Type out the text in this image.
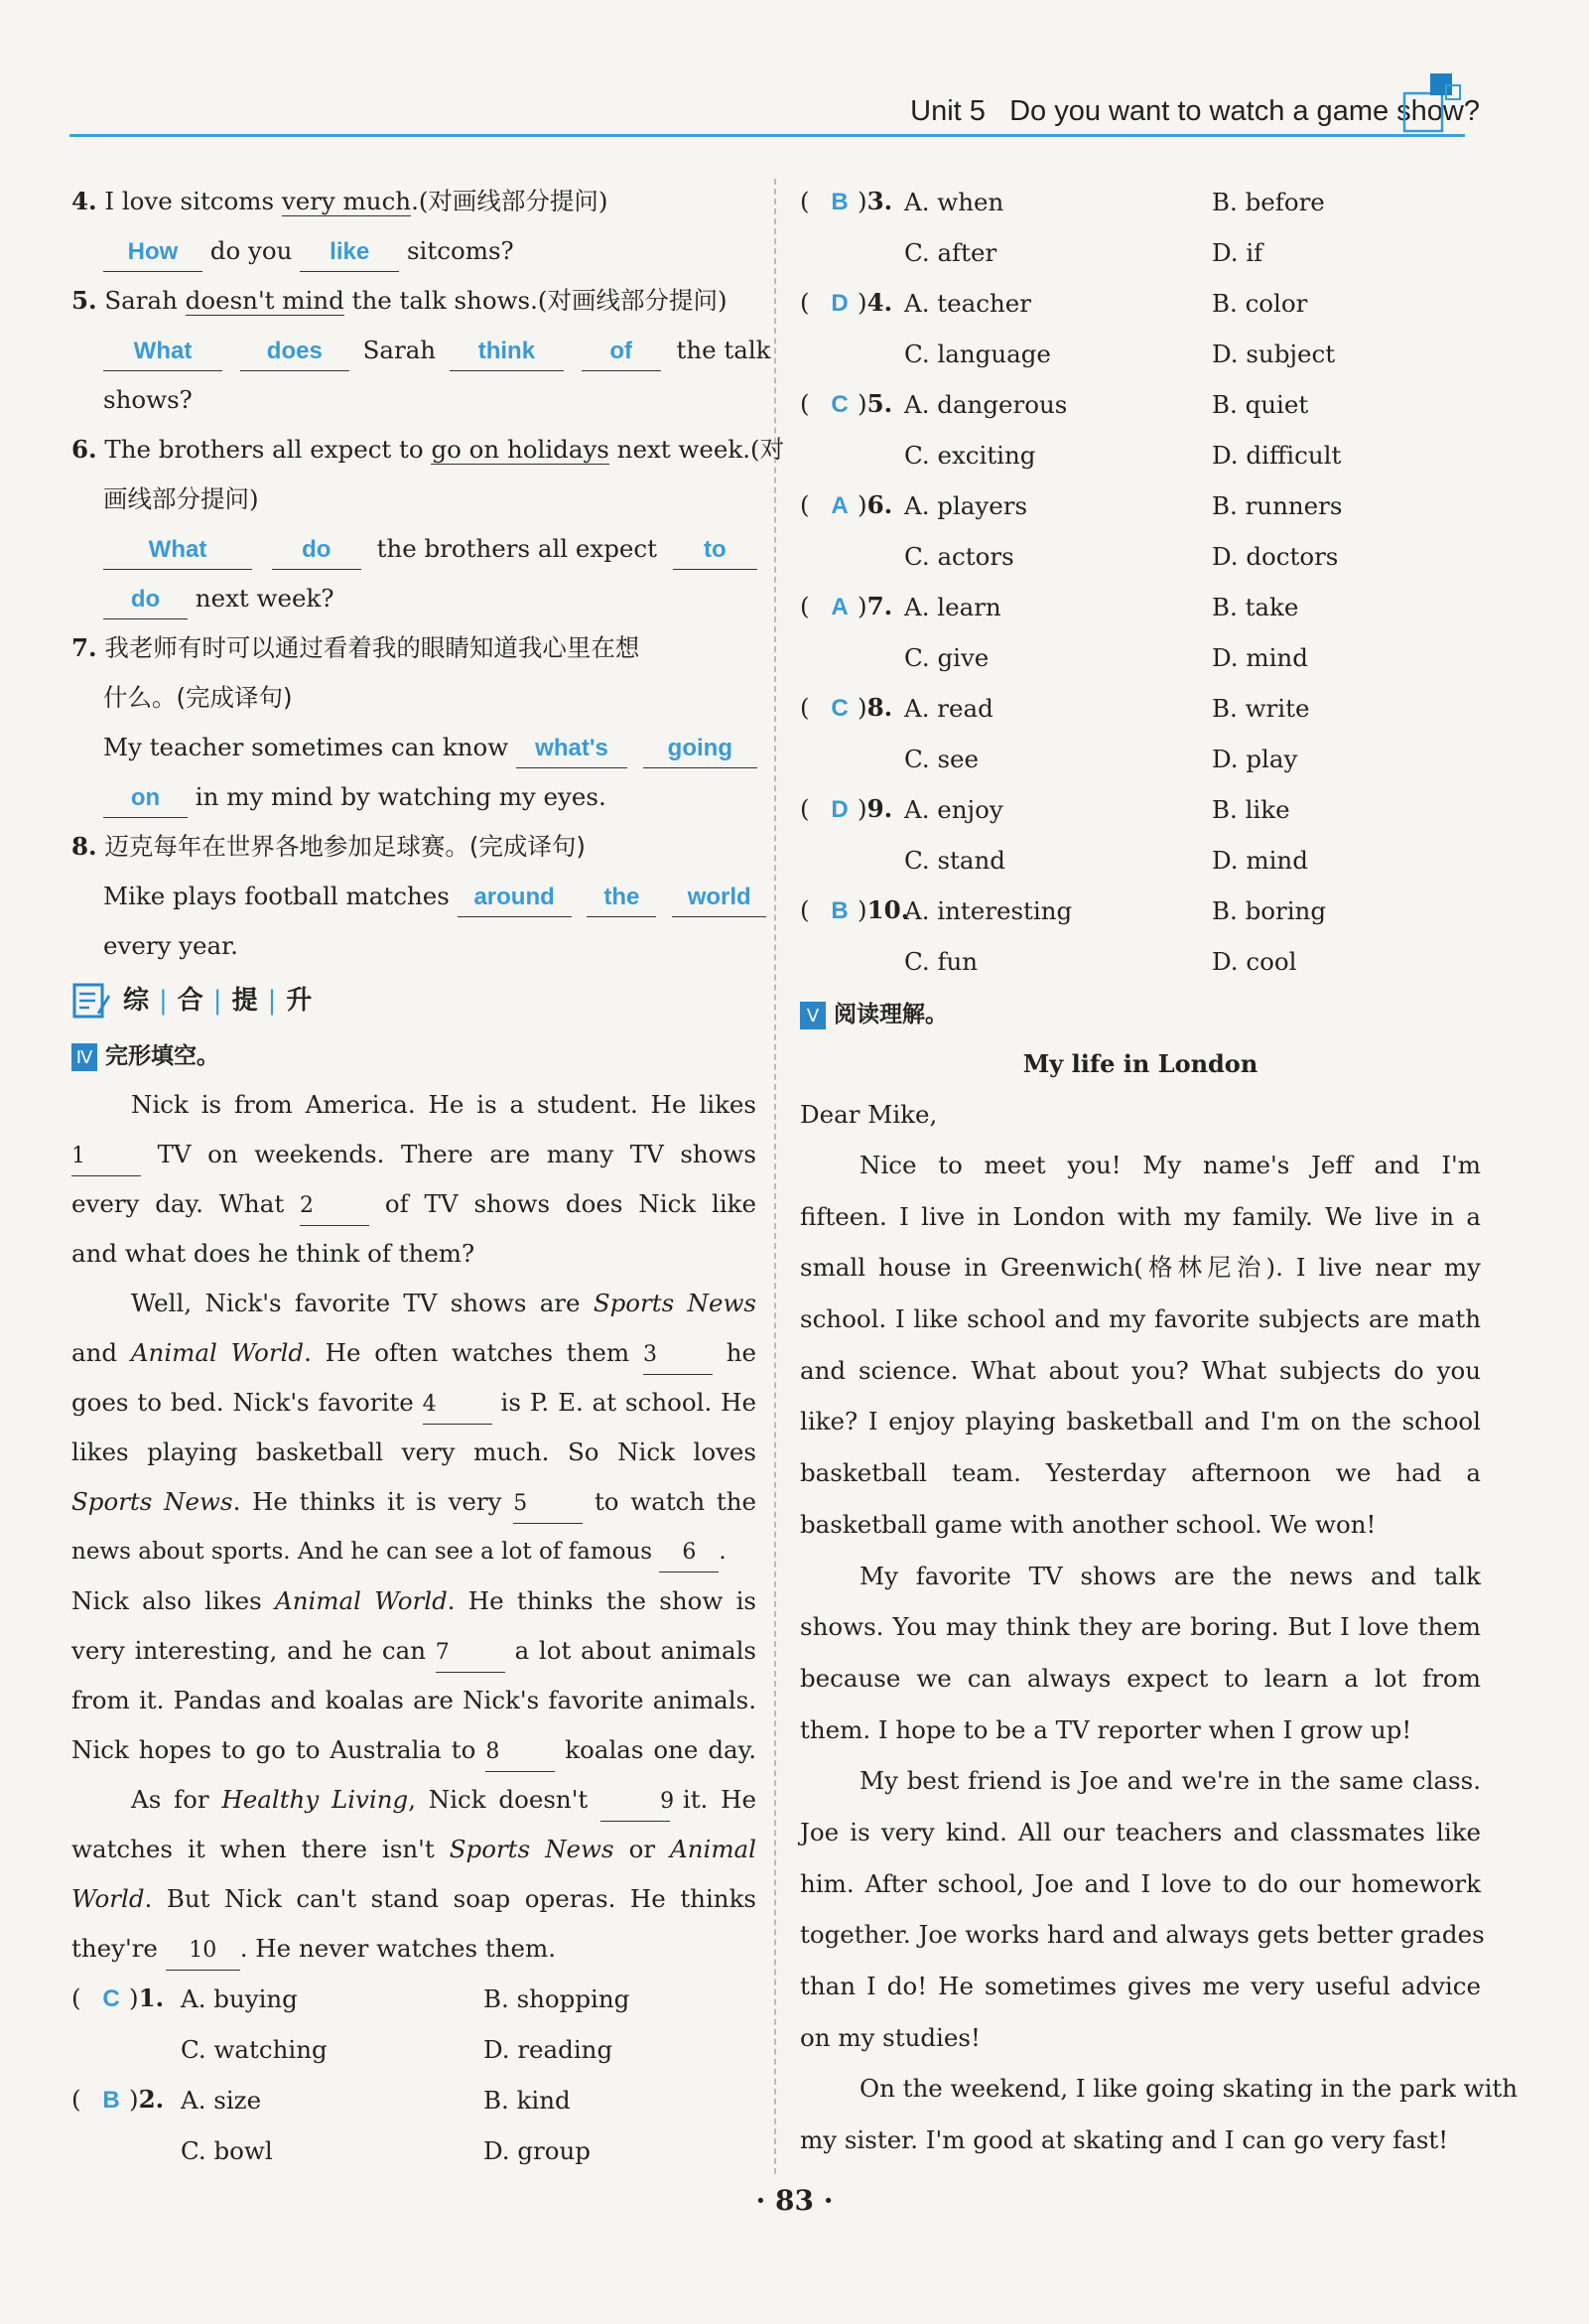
Unit 5 Do you want to watch a game show?
4. I love sitcoms very much.(对画线部分提问)
How do you like sitcoms?
5. Sarah doesn't mind the talk shows.(对画线部分提问)
What	does Sarah think	of the talk
shows?
6. The brothers all expect to go on holidays next week.(对
画线部分提问)
What	do the brothers all expect to
do next week?
7. 我老师有时可以通过看着我的眼睛知道我心里在想
什么。(完成译句)
My teacher sometimes can know what's going
on in my mind by watching my eyes.
8. 迈克每年在世界各地参加足球赛。(完成译句)
Mike plays football matches around the world
every year.
综 | 合 | 提 | 升
Ⅳ 完形填空。
Nick is from America. He is a student. He likes
1	TV on weekends. There are many TV shows
every day. What 2	of TV shows does Nick like
and what does he think of them?
Well, Nick's favorite TV shows are Sports News
and Animal World. He often watches them 3	he
goes to bed. Nick's favorite 4	is P. E. at school. He
likes playing basketball very much. So Nick loves
Sports News. He thinks it is very 5	to watch the
news about sports. And he can see a lot of famous 6 .
Nick also likes Animal World. He thinks the show is
very interesting, and he can 7	a lot about animals
from it. Pandas and koalas are Nick's favorite animals.
Nick hopes to go to Australia to 8	koalas one day.
As for Healthy Living, Nick doesn't	9 it. He
watches it when there isn't Sports News or Animal
World. But Nick can't stand soap operas. He thinks
they're 10 . He never watches them.
( C )1. A. buying	B. shopping
C. watching	D. reading
( B )2. A. size	B. kind
C. bowl	D. group
( B )3. A. when	B. before
C. after	D. if
( D )4. A. teacher	B. color
C. language	D. subject
( C )5. A. dangerous	B. quiet
C. exciting	D. difficult
( A )6. A. players	B. runners
C. actors	D. doctors
( A )7. A. learn	B. take
C. give	D. mind
( C )8. A. read	B. write
C. see	D. play
( D )9. A. enjoy	B. like
C. stand	D. mind
( B )10.
A. interesting	B. boring
C. fun	D. cool
Ⅴ 阅读理解。
My life in London
Dear Mike,
Nice to meet you! My name's Jeff and I'm
fifteen. I live in London with my family. We live in a
small house in Greenwich(格林尼治). I live near my
school. I like school and my favorite subjects are math
and science. What about you? What subjects do you
like? I enjoy playing basketball and I'm on the school
basketball team. Yesterday afternoon we had a
basketball game with another school. We won!
My favorite TV shows are the news and talk
shows. You may think they are boring. But I love them
because we can always expect to learn a lot from
them. I hope to be a TV reporter when I grow up!
My best friend is Joe and we're in the same class.
Joe is very kind. All our teachers and classmates like
him. After school, Joe and I love to do our homework
together. Joe works hard and always gets better grades
than I do! He sometimes gives me very useful advice
on my studies!
On the weekend, I like going skating in the park with
my sister. I'm good at skating and I can go very fast!
· 83 ·
